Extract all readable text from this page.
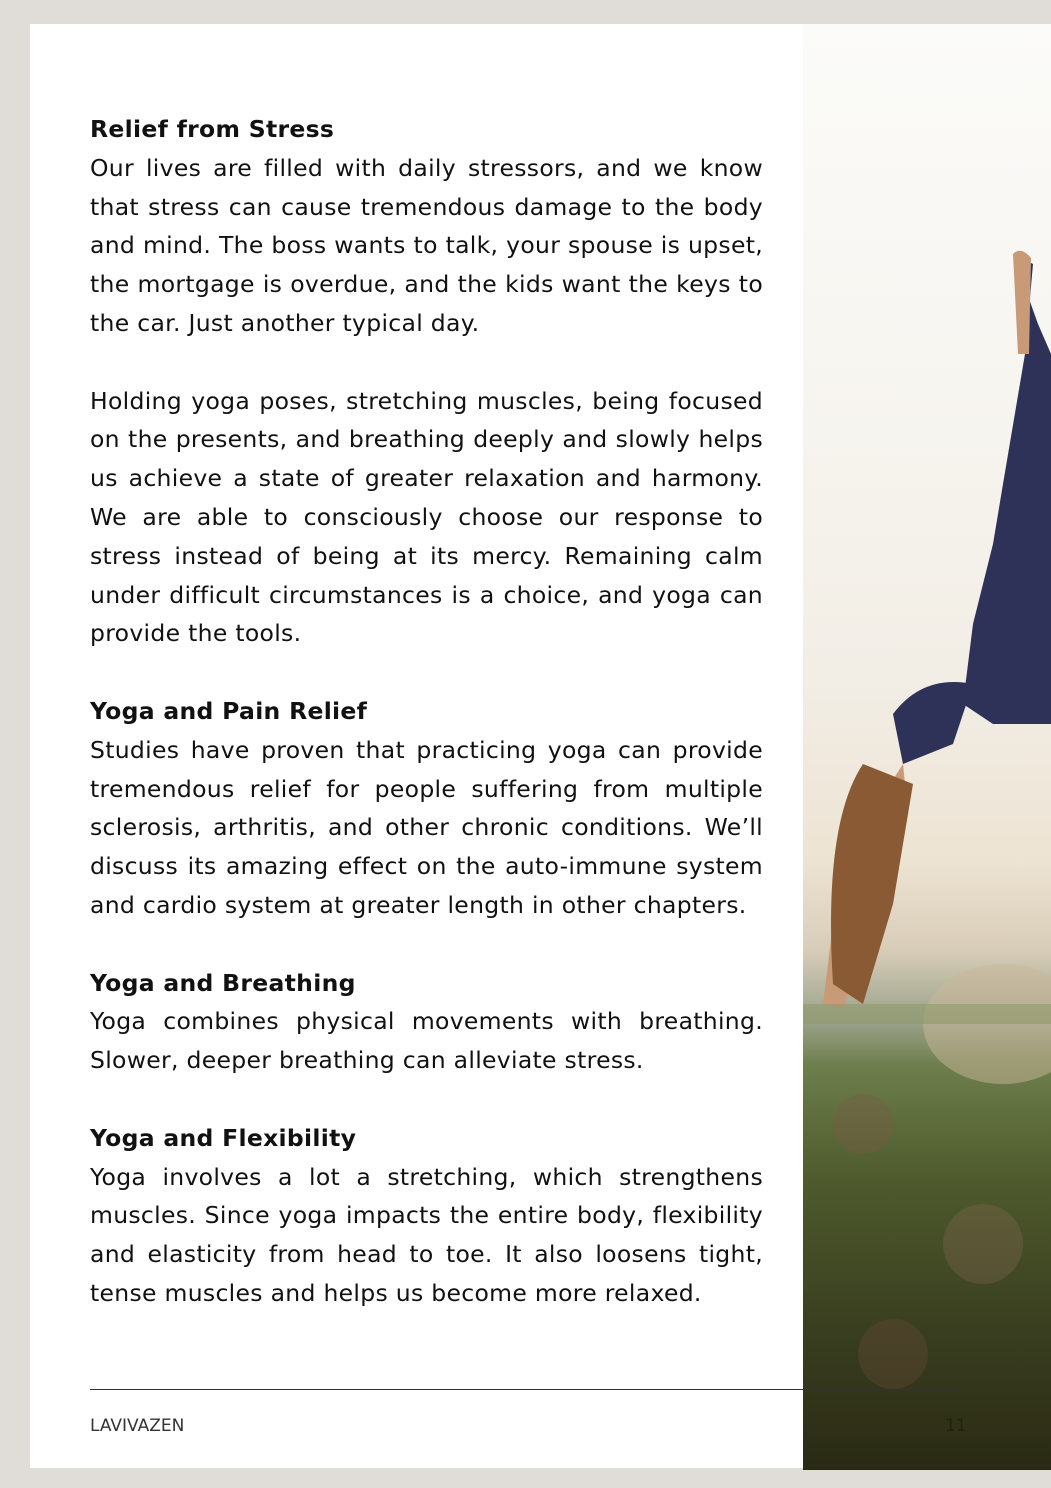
Relief from Stress

Our lives are filled with daily stressors, and we know that stress can cause tremendous damage to the body and mind. The boss wants to talk, your spouse is upset, the mortgage is overdue, and the kids want the keys to the car. Just another typical day.

Holding yoga poses, stretching muscles, being focused on the presents, and breathing deeply and slowly helps us achieve a state of greater relaxation and harmony. We are able to consciously choose our response to stress instead of being at its mercy. Remaining calm under difficult circumstances is a choice, and yoga can provide the tools.

Yoga and Pain Relief

Studies have proven that practicing yoga can provide tremendous relief for people suffering from multiple sclerosis, arthritis, and other chronic conditions. We’ll discuss its amazing effect on the auto-immune system and cardio system at greater length in other chapters.

Yoga and Breathing

Yoga combines physical movements with breathing. Slower, deeper breathing can alleviate stress.

Yoga and Flexibility

Yoga involves a lot a stretching, which strengthens muscles. Since yoga impacts the entire body, flexibility and elasticity from head to toe. It also loosens tight, tense muscles and helps us become more relaxed.

LAVIVAZEN	11
